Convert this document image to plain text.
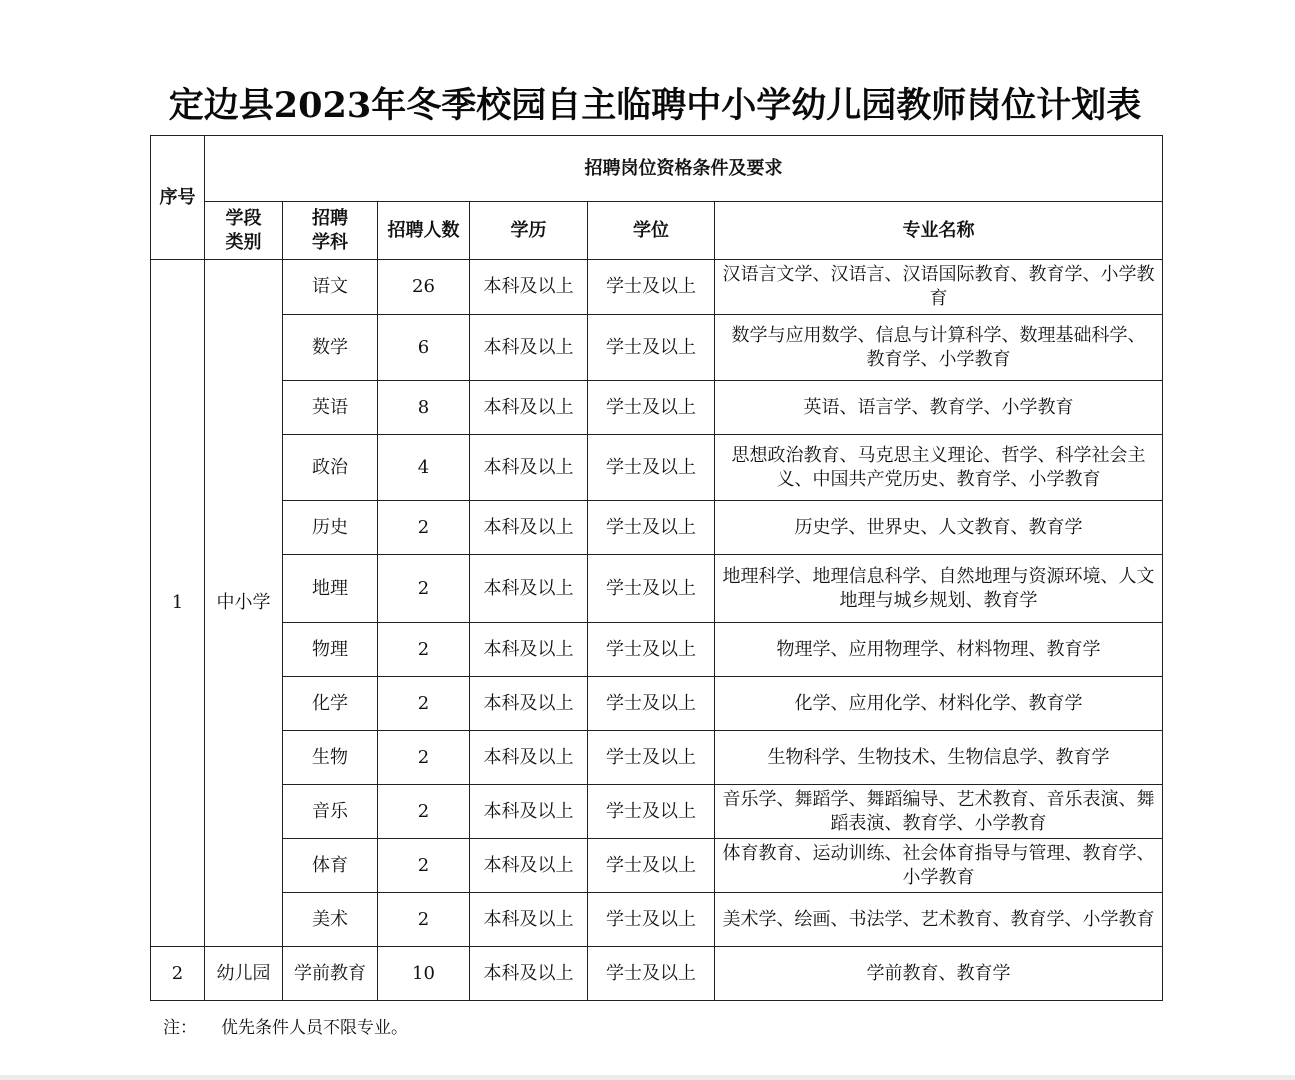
定边县2023年冬季校园自主临聘中小学幼儿园教师岗位计划表
序号	招聘岗位资格条件及要求					
	学段类别	招聘学科	招聘人数	学历	学位	专业名称
1	中小学	语文	26	本科及以上	学士及以上	汉语言文学、汉语言、汉语国际教育、教育学、小学教育
		数学	6	本科及以上	学士及以上	数学与应用数学、信息与计算科学、数理基础科学、教育学、小学教育
		英语	8	本科及以上	学士及以上	英语、语言学、教育学、小学教育
		政治	4	本科及以上	学士及以上	思想政治教育、马克思主义理论、哲学、科学社会主义、中国共产党历史、教育学、小学教育
		历史	2	本科及以上	学士及以上	历史学、世界史、人文教育、教育学
		地理	2	本科及以上	学士及以上	地理科学、地理信息科学、自然地理与资源环境、人文地理与城乡规划、教育学
		物理	2	本科及以上	学士及以上	物理学、应用物理学、材料物理、教育学
		化学	2	本科及以上	学士及以上	化学、应用化学、材料化学、教育学
		生物	2	本科及以上	学士及以上	生物科学、生物技术、生物信息学、教育学
		音乐	2	本科及以上	学士及以上	音乐学、舞蹈学、舞蹈编导、艺术教育、音乐表演、舞蹈表演、教育学、小学教育
		体育	2	本科及以上	学士及以上	体育教育、运动训练、社会体育指导与管理、教育学、小学教育
		美术	2	本科及以上	学士及以上	美术学、绘画、书法学、艺术教育、教育学、小学教育
2	幼儿园	学前教育	10	本科及以上	学士及以上	学前教育、教育学
注： 优先条件人员不限专业。
